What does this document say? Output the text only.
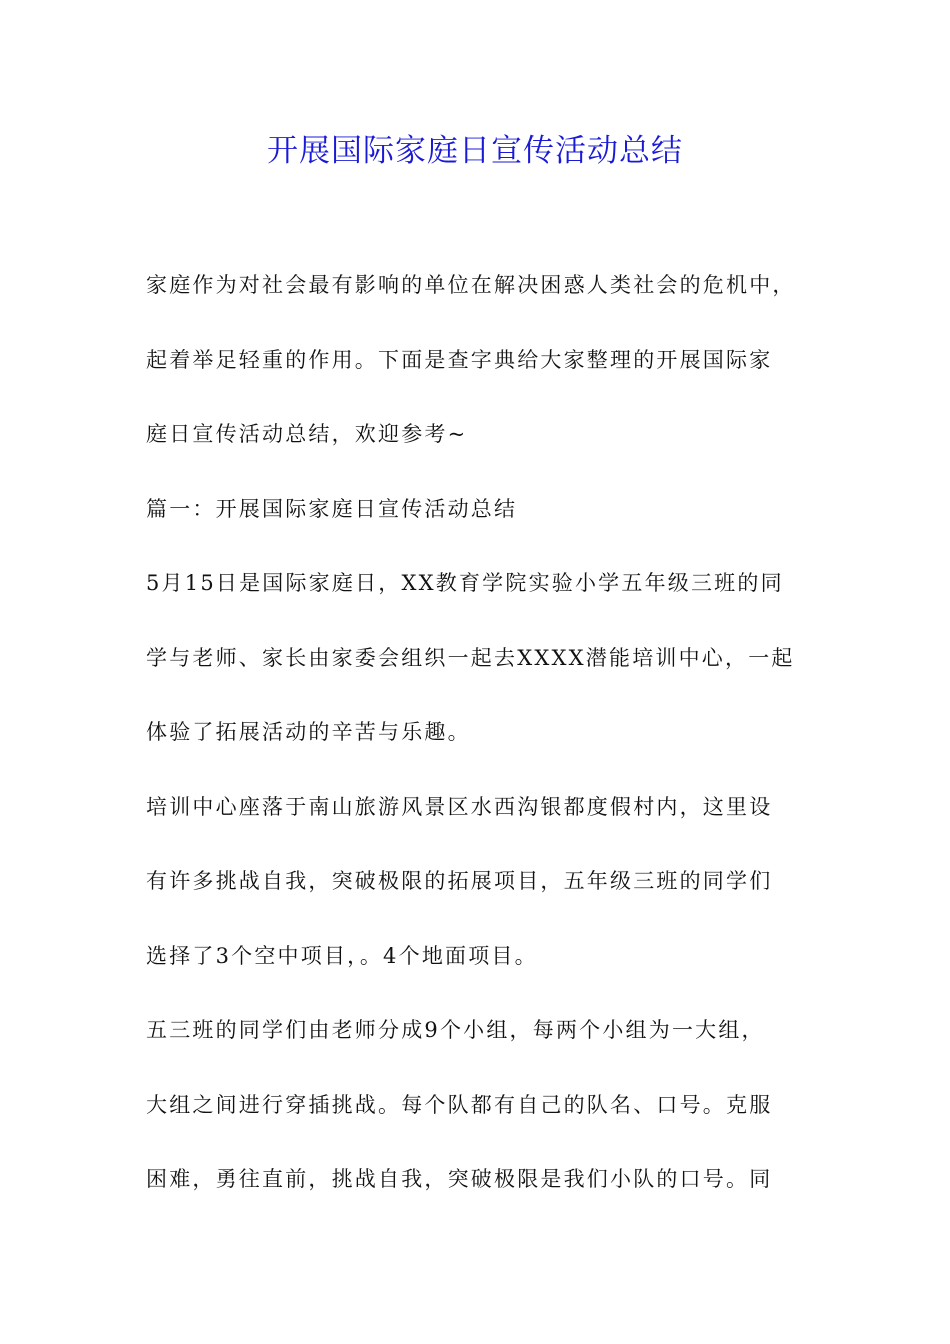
开展国际家庭日宣传活动总结
家庭作为对社会最有影响的单位在解决困惑人类社会的危机中，
起着举足轻重的作用。下面是查字典给大家整理的开展国际家
庭日宣传活动总结，欢迎参考~
篇一：开展国际家庭日宣传活动总结
5月15日是国际家庭日，XX教育学院实验小学五年级三班的同
学与老师、家长由家委会组织一起去XXXX潜能培训中心，一起
体验了拓展活动的辛苦与乐趣。
培训中心座落于南山旅游风景区水西沟银都度假村内，这里设
有许多挑战自我，突破极限的拓展项目，五年级三班的同学们
选择了3个空中项目，。4个地面项目。
五三班的同学们由老师分成9个小组，每两个小组为一大组，
大组之间进行穿插挑战。每个队都有自己的队名、口号。克服
困难，勇往直前，挑战自我，突破极限是我们小队的口号。同
